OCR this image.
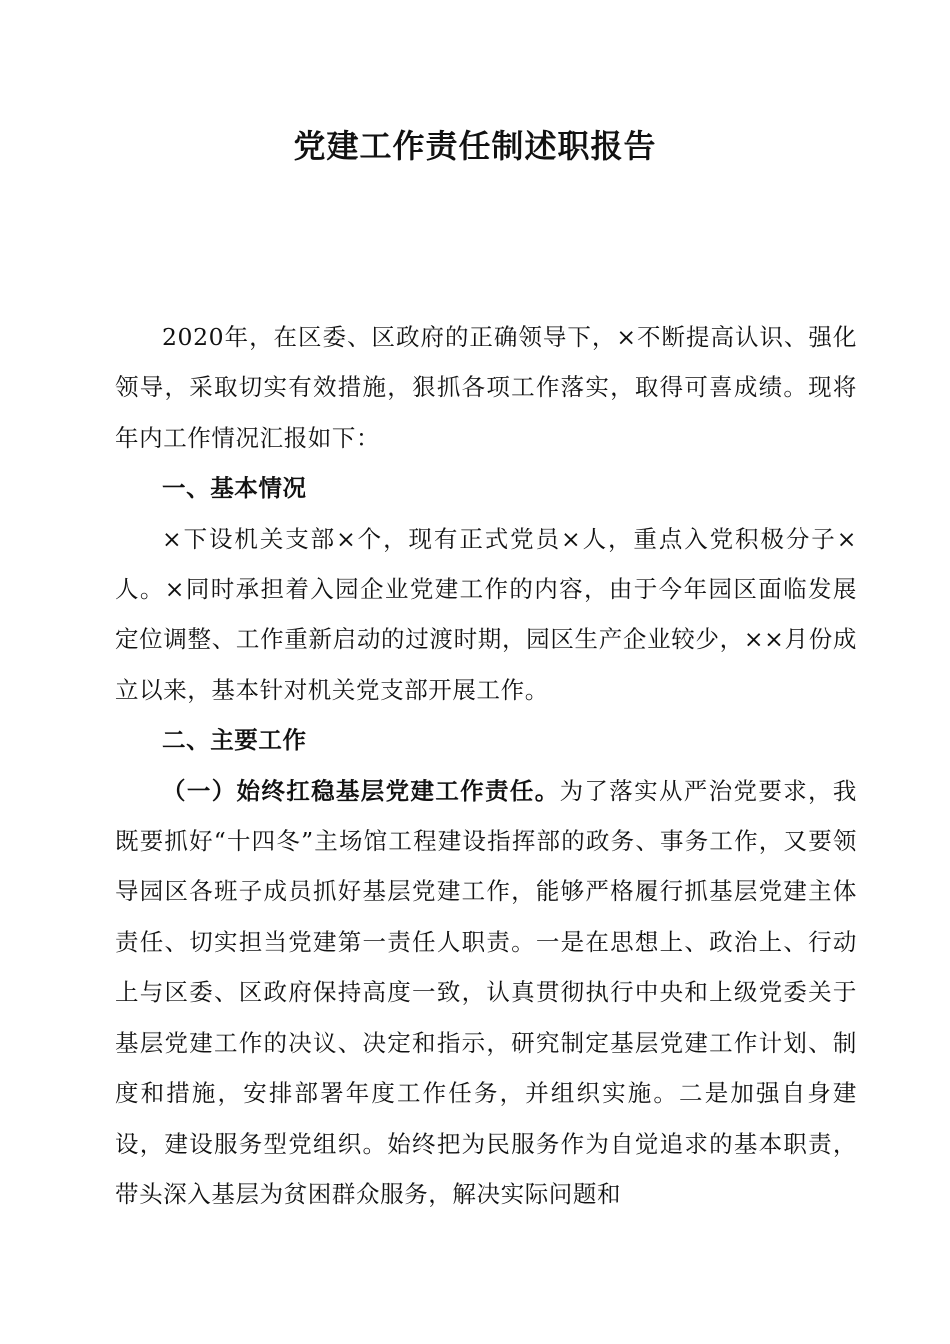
党建工作责任制述职报告

2020年，在区委、区政府的正确领导下，×不断提高认识、强化领导，采取切实有效措施，狠抓各项工作落实，取得可喜成绩。现将年内工作情况汇报如下：

一、基本情况

×下设机关支部×个，现有正式党员×人，重点入党积极分子×人。×同时承担着入园企业党建工作的内容，由于今年园区面临发展定位调整、工作重新启动的过渡时期，园区生产企业较少，××月份成立以来，基本针对机关党支部开展工作。

二、主要工作

（一）始终扛稳基层党建工作责任。为了落实从严治党要求，我既要抓好“十四冬”主场馆工程建设指挥部的政务、事务工作，又要领导园区各班子成员抓好基层党建工作，能够严格履行抓基层党建主体责任、切实担当党建第一责任人职责。一是在思想上、政治上、行动上与区委、区政府保持高度一致，认真贯彻执行中央和上级党委关于基层党建工作的决议、决定和指示，研究制定基层党建工作计划、制度和措施，安排部署年度工作任务，并组织实施。二是加强自身建设，建设服务型党组织。始终把为民服务作为自觉追求的基本职责，带头深入基层为贫困群众服务，解决实际问题和
